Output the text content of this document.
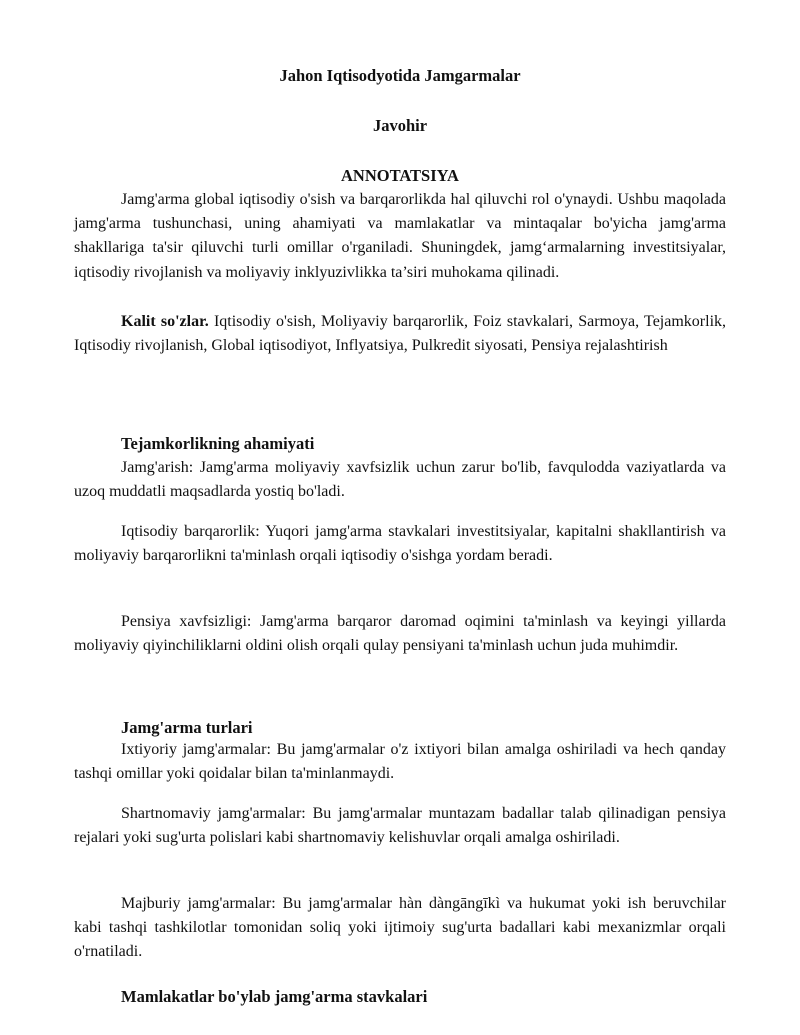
Jahon Iqtisodyotida Jamgarmalar
Javohir
ANNOTATSIYA

Jamg'arma global iqtisodiy o'sish va barqarorlikda hal qiluvchi rol o'ynaydi. Ushbu maqolada jamg'arma tushunchasi, uning ahamiyati va mamlakatlar va mintaqalar bo'yicha jamg'arma shakllariga ta'sir qiluvchi turli omillar o'rganiladi. Shuningdek, jamg‘armalarning investitsiyalar, iqtisodiy rivojlanish va moliyaviy inklyuzivlikka ta’siri muhokama qilinadi.

Kalit so'zlar. Iqtisodiy o'sish, Moliyaviy barqarorlik, Foiz stavkalari, Sarmoya, Tejamkorlik, Iqtisodiy rivojlanish, Global iqtisodiyot, Inflyatsiya, Pulkredit siyosati, Pensiya rejalashtirish

Tejamkorlikning ahamiyati

Jamg'arish: Jamg'arma moliyaviy xavfsizlik uchun zarur bo'lib, favqulodda vaziyatlarda va uzoq muddatli maqsadlarda yostiq bo'ladi.

Iqtisodiy barqarorlik: Yuqori jamg'arma stavkalari investitsiyalar, kapitalni shakllantirish va moliyaviy barqarorlikni ta'minlash orqali iqtisodiy o'sishga yordam beradi.

Pensiya xavfsizligi: Jamg'arma barqaror daromad oqimini ta'minlash va keyingi yillarda moliyaviy qiyinchiliklarni oldini olish orqali qulay pensiyani ta'minlash uchun juda muhimdir.

Jamg'arma turlari

Ixtiyoriy jamg'armalar: Bu jamg'armalar o'z ixtiyori bilan amalga oshiriladi va hech qanday tashqi omillar yoki qoidalar bilan ta'minlanmaydi.

Shartnomaviy jamg'armalar: Bu jamg'armalar muntazam badallar talab qilinadigan pensiya rejalari yoki sug'urta polislari kabi shartnomaviy kelishuvlar orqali amalga oshiriladi.

Majburiy jamg'armalar: Bu jamg'armalar hàn dàngāngīkì va hukumat yoki ish beruvchilar kabi tashqi tashkilotlar tomonidan soliq yoki ijtimoiy sug'urta badallari kabi mexanizmlar orqali o'rnatiladi.

Mamlakatlar bo'ylab jamg'arma stavkalari
